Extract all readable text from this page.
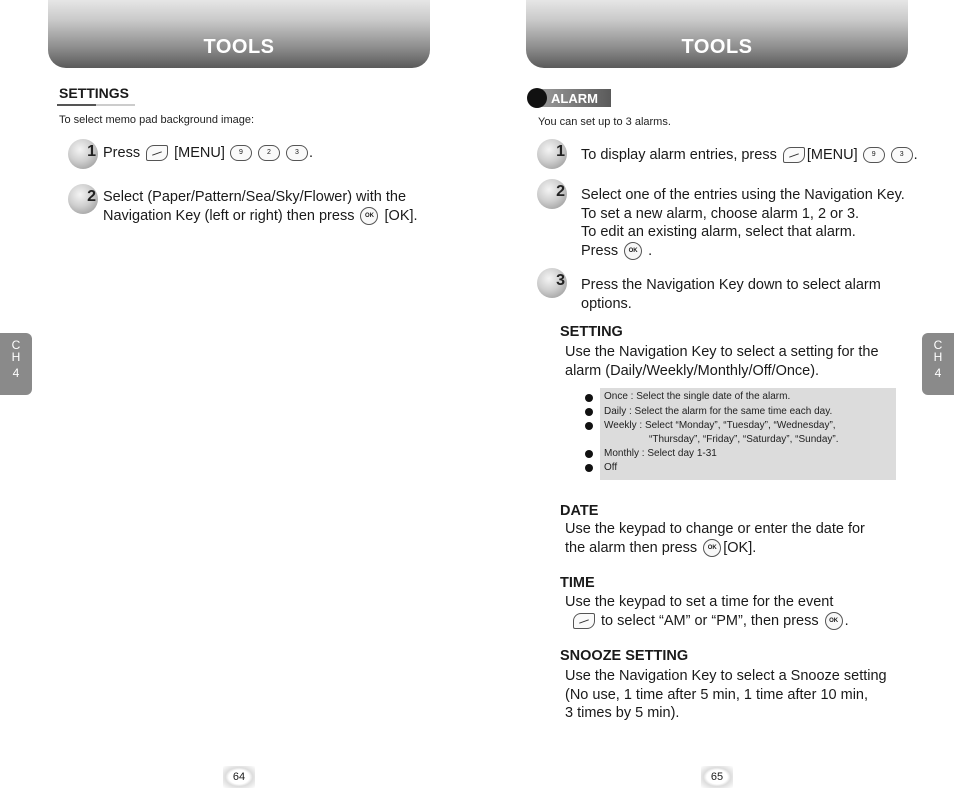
TOOLS
SETTINGS
To select memo pad background image:
1 Press [MENU] 9	2	3 .
2 Select (Paper/Pattern/Sea/Sky/Flower) with the
Navigation Key (left or right) then press OK [OK].
64
TOOLS
ALARM
You can set up to 3 alarms.
1 To display alarm entries, press [MENU] 9	3 .
2 Select one of the entries using the Navigation Key.
To set a new alarm, choose alarm 1, 2 or 3.
To edit an existing alarm, select that alarm.
Press OK .
3 Press the Navigation Key down to select alarm
options.
SETTING
Use the Navigation Key to select a setting for the
alarm (Daily/Weekly/Monthly/Off/Once).
Once : Select the single date of the alarm.
Daily : Select the alarm for the same time each day.
Weekly : Select “Monday”, “Tuesday”, “Wednesday”,
“Thursday”, “Friday”, “Saturday”, “Sunday”.
Monthly : Select day 1-31
Off
DATE
Use the keypad to change or enter the date for
the alarm then press OK [OK].
TIME
Use the keypad to set a time for the event
to select “AM” or “PM”, then press OK .
SNOOZE SETTING
Use the Navigation Key to select a Snooze setting
(No use, 1 time after 5 min, 1 time after 10 min,
3 times by 5 min).
65
C
H
4
C
H
4
